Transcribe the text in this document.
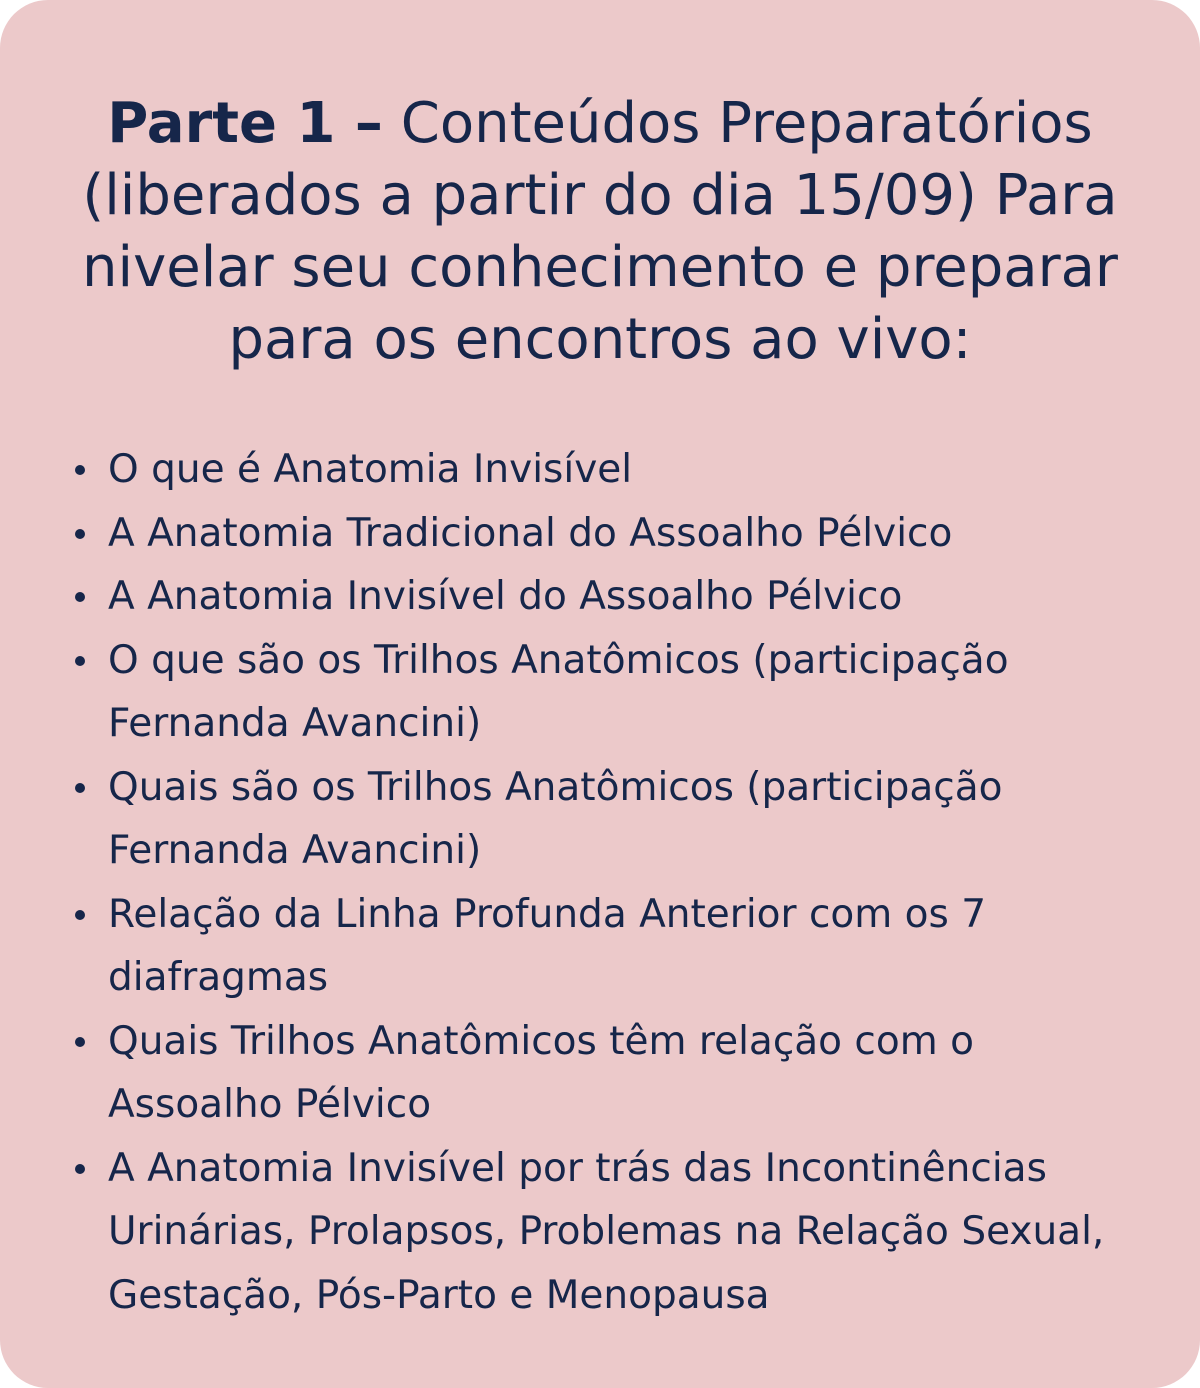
Parte 1 – Conteúdos Preparatórios (liberados a partir do dia 15/09) Para nivelar seu conhecimento e preparar para os encontros ao vivo:
O que é Anatomia Invisível
A Anatomia Tradicional do Assoalho Pélvico
A Anatomia Invisível do Assoalho Pélvico
O que são os Trilhos Anatômicos (participação Fernanda Avancini)
Quais são os Trilhos Anatômicos (participação Fernanda Avancini)
Relação da Linha Profunda Anterior com os 7 diafragmas
Quais Trilhos Anatômicos têm relação com o Assoalho Pélvico
A Anatomia Invisível por trás das Incontinências Urinárias, Prolapsos, Problemas na Relação Sexual, Gestação, Pós-Parto e Menopausa
